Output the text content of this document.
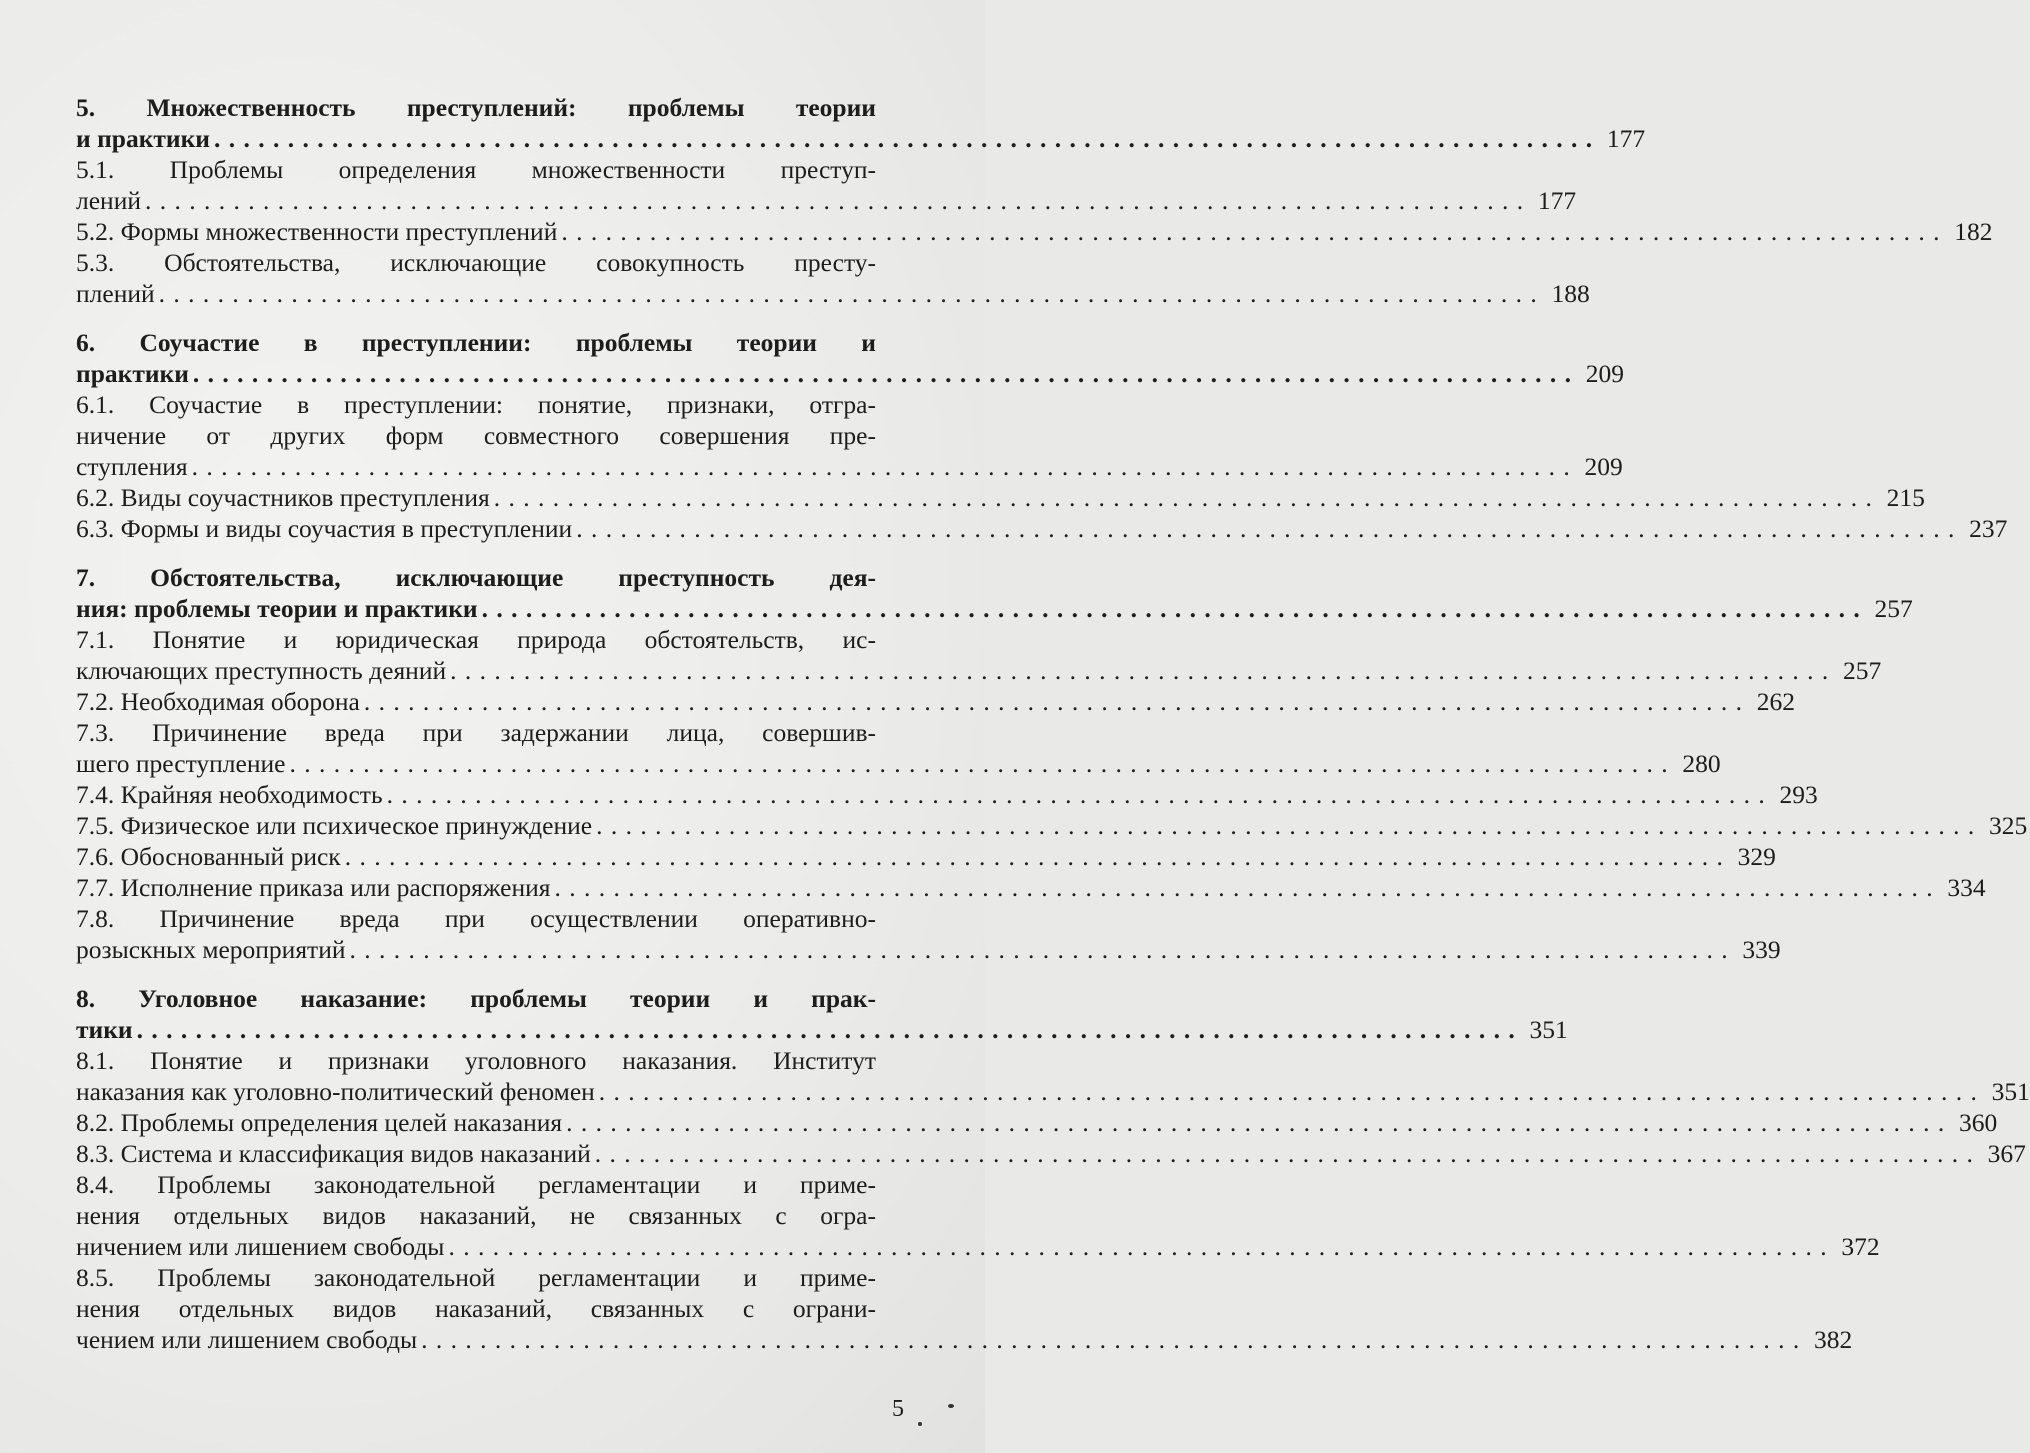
5. Множественность преступлений: проблемы теории
и практики . . . . . . . . . . . . . . . . . . . . . . . . . . . . . . . . . . . . . . . . . . . . . . . . . . . . . . . . . . . . . . . . . . . . . . . . . . . . . . . . . . . . . . . . . . . . . . 177
5.1. Проблемы определения множественности преступ-
лений . . . . . . . . . . . . . . . . . . . . . . . . . . . . . . . . . . . . . . . . . . . . . . . . . . . . . . . . . . . . . . . . . . . . . . . . . . . . . . . . . . . . . . . . . . . . . . 177
5.2. Формы множественности преступлений . . . . . . . . . . . . . . . . . . . . . . . . . . . . . . . . . . . . . . . . . . . . . . . . . . . . . . . . . . . . . . . . . . . . . . . . . . . . . . . . . . . . . . . . . . . . . . 182
5.3. Обстоятельства, исключающие совокупность престу-
плений . . . . . . . . . . . . . . . . . . . . . . . . . . . . . . . . . . . . . . . . . . . . . . . . . . . . . . . . . . . . . . . . . . . . . . . . . . . . . . . . . . . . . . . . . . . . . . 188
6. Соучастие в преступлении: проблемы теории и
практики . . . . . . . . . . . . . . . . . . . . . . . . . . . . . . . . . . . . . . . . . . . . . . . . . . . . . . . . . . . . . . . . . . . . . . . . . . . . . . . . . . . . . . . . . . . . . . 209
6.1. Соучастие в преступлении: понятие, признаки, отгра-
ничение от других форм совместного совершения пре-
ступления . . . . . . . . . . . . . . . . . . . . . . . . . . . . . . . . . . . . . . . . . . . . . . . . . . . . . . . . . . . . . . . . . . . . . . . . . . . . . . . . . . . . . . . . . . . . . . 209
6.2. Виды соучастников преступления . . . . . . . . . . . . . . . . . . . . . . . . . . . . . . . . . . . . . . . . . . . . . . . . . . . . . . . . . . . . . . . . . . . . . . . . . . . . . . . . . . . . . . . . . . . . . . 215
6.3. Формы и виды соучастия в преступлении . . . . . . . . . . . . . . . . . . . . . . . . . . . . . . . . . . . . . . . . . . . . . . . . . . . . . . . . . . . . . . . . . . . . . . . . . . . . . . . . . . . . . . . . . . . . . . 237
7. Обстоятельства, исключающие преступность дея-
ния: проблемы теории и практики . . . . . . . . . . . . . . . . . . . . . . . . . . . . . . . . . . . . . . . . . . . . . . . . . . . . . . . . . . . . . . . . . . . . . . . . . . . . . . . . . . . . . . . . . . . . . . 257
7.1. Понятие и юридическая природа обстоятельств, ис-
ключающих преступность деяний . . . . . . . . . . . . . . . . . . . . . . . . . . . . . . . . . . . . . . . . . . . . . . . . . . . . . . . . . . . . . . . . . . . . . . . . . . . . . . . . . . . . . . . . . . . . . . 257
7.2. Необходимая оборона . . . . . . . . . . . . . . . . . . . . . . . . . . . . . . . . . . . . . . . . . . . . . . . . . . . . . . . . . . . . . . . . . . . . . . . . . . . . . . . . . . . . . . . . . . . . . . 262
7.3. Причинение вреда при задержании лица, совершив-
шего преступление . . . . . . . . . . . . . . . . . . . . . . . . . . . . . . . . . . . . . . . . . . . . . . . . . . . . . . . . . . . . . . . . . . . . . . . . . . . . . . . . . . . . . . . . . . . . . . 280
7.4. Крайняя необходимость . . . . . . . . . . . . . . . . . . . . . . . . . . . . . . . . . . . . . . . . . . . . . . . . . . . . . . . . . . . . . . . . . . . . . . . . . . . . . . . . . . . . . . . . . . . . . . 293
7.5. Физическое или психическое принуждение . . . . . . . . . . . . . . . . . . . . . . . . . . . . . . . . . . . . . . . . . . . . . . . . . . . . . . . . . . . . . . . . . . . . . . . . . . . . . . . . . . . . . . . . . . . . . . 325
7.6. Обоснованный риск . . . . . . . . . . . . . . . . . . . . . . . . . . . . . . . . . . . . . . . . . . . . . . . . . . . . . . . . . . . . . . . . . . . . . . . . . . . . . . . . . . . . . . . . . . . . . . 329
7.7. Исполнение приказа или распоряжения . . . . . . . . . . . . . . . . . . . . . . . . . . . . . . . . . . . . . . . . . . . . . . . . . . . . . . . . . . . . . . . . . . . . . . . . . . . . . . . . . . . . . . . . . . . . . . 334
7.8. Причинение вреда при осуществлении оперативно-
розыскных мероприятий . . . . . . . . . . . . . . . . . . . . . . . . . . . . . . . . . . . . . . . . . . . . . . . . . . . . . . . . . . . . . . . . . . . . . . . . . . . . . . . . . . . . . . . . . . . . . . 339
8. Уголовное наказание: проблемы теории и прак-
тики . . . . . . . . . . . . . . . . . . . . . . . . . . . . . . . . . . . . . . . . . . . . . . . . . . . . . . . . . . . . . . . . . . . . . . . . . . . . . . . . . . . . . . . . . . . . . . 351
8.1. Понятие и признаки уголовного наказания. Институт
наказания как уголовно-политический феномен . . . . . . . . . . . . . . . . . . . . . . . . . . . . . . . . . . . . . . . . . . . . . . . . . . . . . . . . . . . . . . . . . . . . . . . . . . . . . . . . . . . . . . . . . . . . . . 351
8.2. Проблемы определения целей наказания . . . . . . . . . . . . . . . . . . . . . . . . . . . . . . . . . . . . . . . . . . . . . . . . . . . . . . . . . . . . . . . . . . . . . . . . . . . . . . . . . . . . . . . . . . . . . . 360
8.3. Система и классификация видов наказаний . . . . . . . . . . . . . . . . . . . . . . . . . . . . . . . . . . . . . . . . . . . . . . . . . . . . . . . . . . . . . . . . . . . . . . . . . . . . . . . . . . . . . . . . . . . . . . 367
8.4. Проблемы законодательной регламентации и приме-
нения отдельных видов наказаний, не связанных с огра-
ничением или лишением свободы . . . . . . . . . . . . . . . . . . . . . . . . . . . . . . . . . . . . . . . . . . . . . . . . . . . . . . . . . . . . . . . . . . . . . . . . . . . . . . . . . . . . . . . . . . . . . . 372
8.5. Проблемы законодательной регламентации и приме-
нения отдельных видов наказаний, связанных с ограни-
чением или лишением свободы . . . . . . . . . . . . . . . . . . . . . . . . . . . . . . . . . . . . . . . . . . . . . . . . . . . . . . . . . . . . . . . . . . . . . . . . . . . . . . . . . . . . . . . . . . . . . . 382
5
